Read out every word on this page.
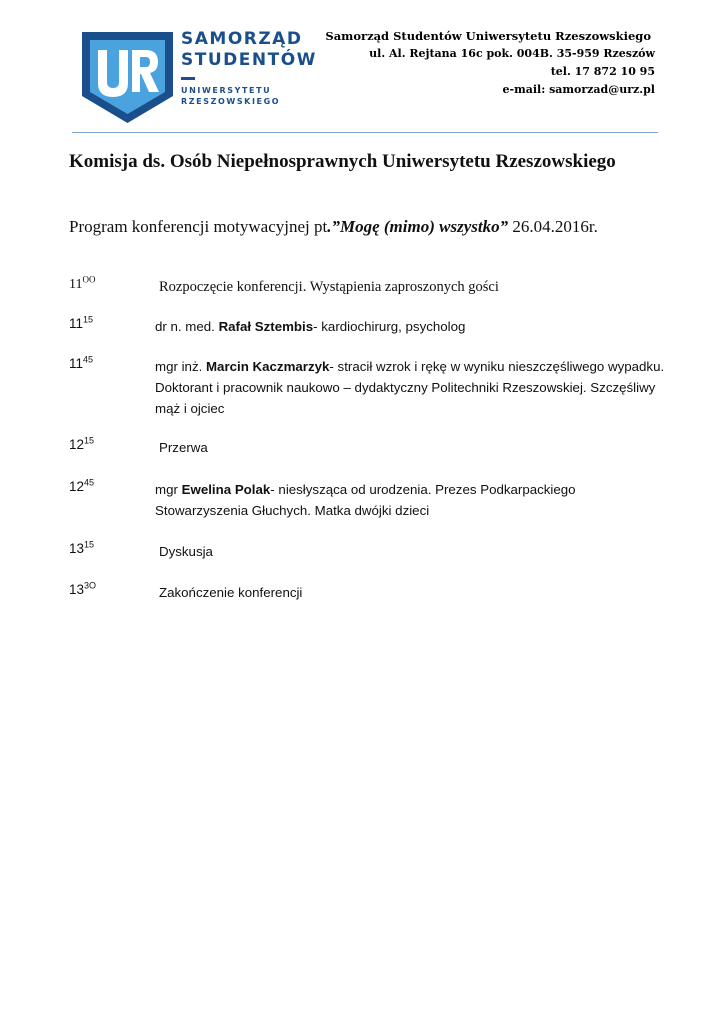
SAMORZĄD
STUDENTÓW
UNIWERSYTETU
RZESZOWSKIEGO
Samorząd Studentów Uniwersytetu Rzeszowskiego
ul. Al. Rejtana 16c pok. 004B. 35-959 Rzeszów
tel. 17 872 10 95
e-mail: samorzad@urz.pl
Komisja ds. Osób Niepełnosprawnych Uniwersytetu Rzeszowskiego
Program konferencji motywacyjnej pt.”Mogę (mimo) wszystko” 26.04.2016r.
$11^{OO}$	Rozpoczęcie konferencji. Wystąpienia zaproszonych gości
$11^{15}$	dr n. med. Rafał Sztembis- kardiochirurg, psycholog
$11^{45}$	mgr inż. Marcin Kaczmarzyk- stracił wzrok i rękę w wyniku nieszczęśliwego wypadku. Doktorant i pracownik naukowo – dydaktyczny Politechniki Rzeszowskiej. Szczęśliwy mąż i ojciec
$12^{15}$	Przerwa
$12^{45}$	mgr Ewelina Polak- niesłysząca od urodzenia. Prezes Podkarpackiego Stowarzyszenia Głuchych. Matka dwójki dzieci
$13^{15}$	Dyskusja
$13^{3O}$	Zakończenie konferencji
